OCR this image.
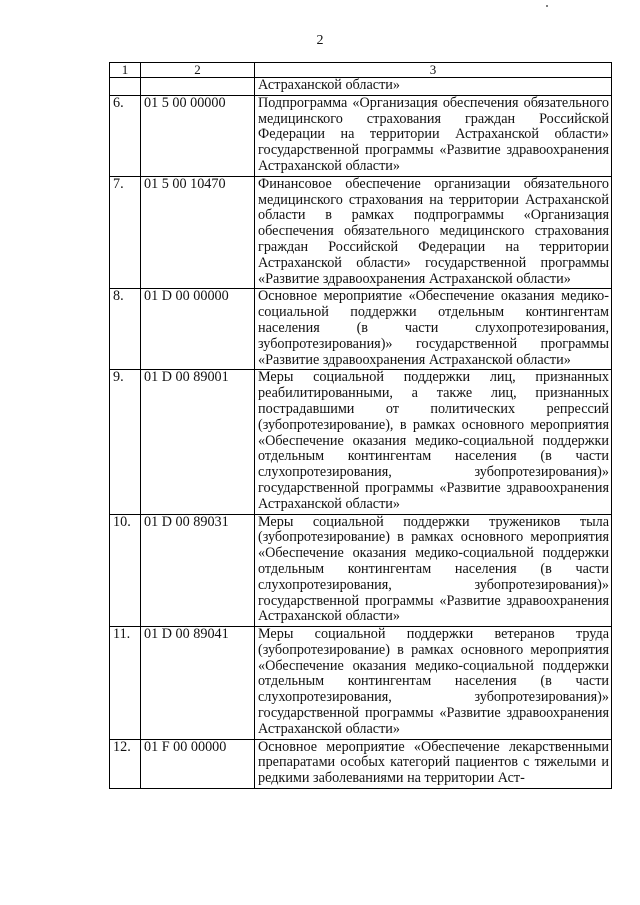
2
1	2	3
		Астраханской области»
6.	01 5 00 00000	Подпрограмма «Организация обеспечения обязательного медицинского страхования граждан Российской Федерации на территории Астраханской области» государственной программы «Развитие здравоохранения Астраханской области»
7.	01 5 00 10470	Финансовое обеспечение организации обязательного медицинского страхования на территории Астраханской области в рамках подпрограммы «Организация обеспечения обязательного медицинского страхования граждан Российской Федерации на территории Астраханской области» государственной программы «Развитие здравоохранения Астраханской области»
8.	01 D 00 00000	Основное мероприятие «Обеспечение оказания медико-социальной поддержки отдельным контингентам населения (в части слухопротезирования, зубопротезирования)» государственной программы «Развитие здравоохранения Астраханской области»
9.	01 D 00 89001	Меры социальной поддержки лиц, признанных реабилитированными, а также лиц, признанных пострадавшими от политических репрессий (зубопротезирование), в рамках основного мероприятия «Обеспечение оказания медико-социальной поддержки отдельным контингентам населения (в части слухопротезирования, зубопротезирования)» государственной программы «Развитие здравоохранения Астраханской области»
10.	01 D 00 89031	Меры социальной поддержки тружеников тыла (зубопротезирование) в рамках основного мероприятия «Обеспечение оказания медико-социальной поддержки отдельным контингентам населения (в части слухопротезирования, зубопротезирования)» государственной программы «Развитие здравоохранения Астраханской области»
11.	01 D 00 89041	Меры социальной поддержки ветеранов труда (зубопротезирование) в рамках основного мероприятия «Обеспечение оказания медико-социальной поддержки отдельным контингентам населения (в части слухопротезирования, зубопротезирования)» государственной программы «Развитие здравоохранения Астраханской области»
12.	01 F 00 00000	Основное мероприятие «Обеспечение лекарственными препаратами особых категорий пациентов с тяжелыми и редкими заболеваниями на территории Аст-
